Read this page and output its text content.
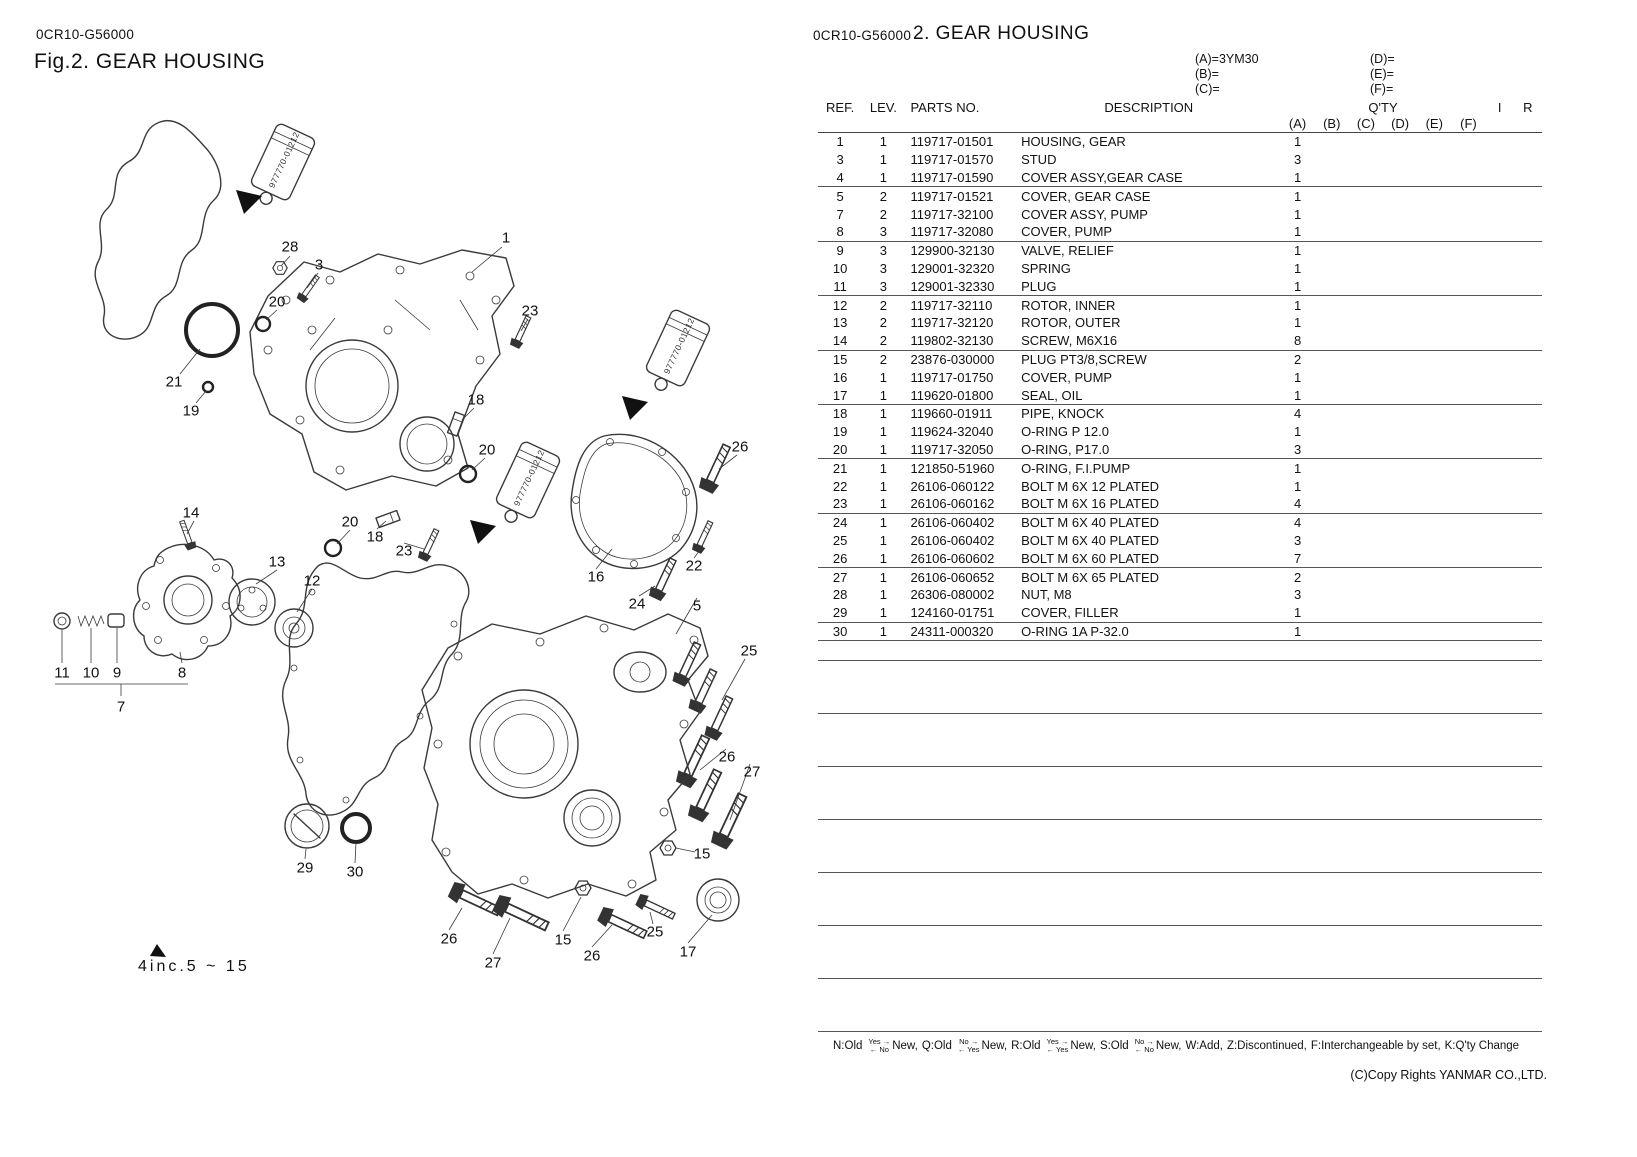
0CR10-G56000
Fig.2. GEAR HOUSING
977770-01212
977770-01212
977770-01212
28
3
1
20
23
21
19
18
20
20
18
23
14
13
12	16
26
22
24	5
25
11 10 9	8
7
26
27
15
29 30
26
27
15
26
25
17
4inc.5 ~ 15
0CR10-G56000 2. GEAR HOUSING
(A)=3YM30
(B)=
(C)=
(D)=
(E)=
(F)=
REF.	LEV.	PARTS NO.	DESCRIPTION	Q'TY						I	R
				(A)	(B)	(C)	(D)	(E)	(F)		
1	1	119717-01501	HOUSING, GEAR	1							
3	1	119717-01570	STUD	3							
4	1	119717-01590	COVER ASSY,GEAR CASE	1							
5	2	119717-01521	COVER, GEAR CASE	1							
7	2	119717-32100	COVER ASSY, PUMP	1							
8	3	119717-32080	COVER, PUMP	1							
9	3	129900-32130	VALVE, RELIEF	1							
10	3	129001-32320	SPRING	1							
11	3	129001-32330	PLUG	1							
12	2	119717-32110	ROTOR, INNER	1							
13	2	119717-32120	ROTOR, OUTER	1							
14	2	119802-32130	SCREW, M6X16	8							
15	2	23876-030000	PLUG PT3/8,SCREW	2							
16	1	119717-01750	COVER, PUMP	1							
17	1	119620-01800	SEAL, OIL	1							
18	1	119660-01911	PIPE, KNOCK	4							
19	1	119624-32040	O-RING P 12.0	1							
20	1	119717-32050	O-RING, P17.0	3							
21	1	121850-51960	O-RING, F.I.PUMP	1							
22	1	26106-060122	BOLT M 6X 12 PLATED	1							
23	1	26106-060162	BOLT M 6X 16 PLATED	4							
24	1	26106-060402	BOLT M 6X 40 PLATED	4							
25	1	26106-060402	BOLT M 6X 40 PLATED	3							
26	1	26106-060602	BOLT M 6X 60 PLATED	7							
27	1	26106-060652	BOLT M 6X 65 PLATED	2							
28	1	26306-080002	NUT, M8	3							
29	1	124160-01751	COVER, FILLER	1							
30	1	24311-000320	O-RING 1A P-32.0	1							
N:Old Yes →
← No New, Q:Old No →
← Yes New, R:Old Yes →
← Yes New, S:Old No →
← No New, W:Add, Z:Discontinued, F:Interchangeable by set, K:Q'ty Change
(C)Copy Rights YANMAR CO.,LTD.
